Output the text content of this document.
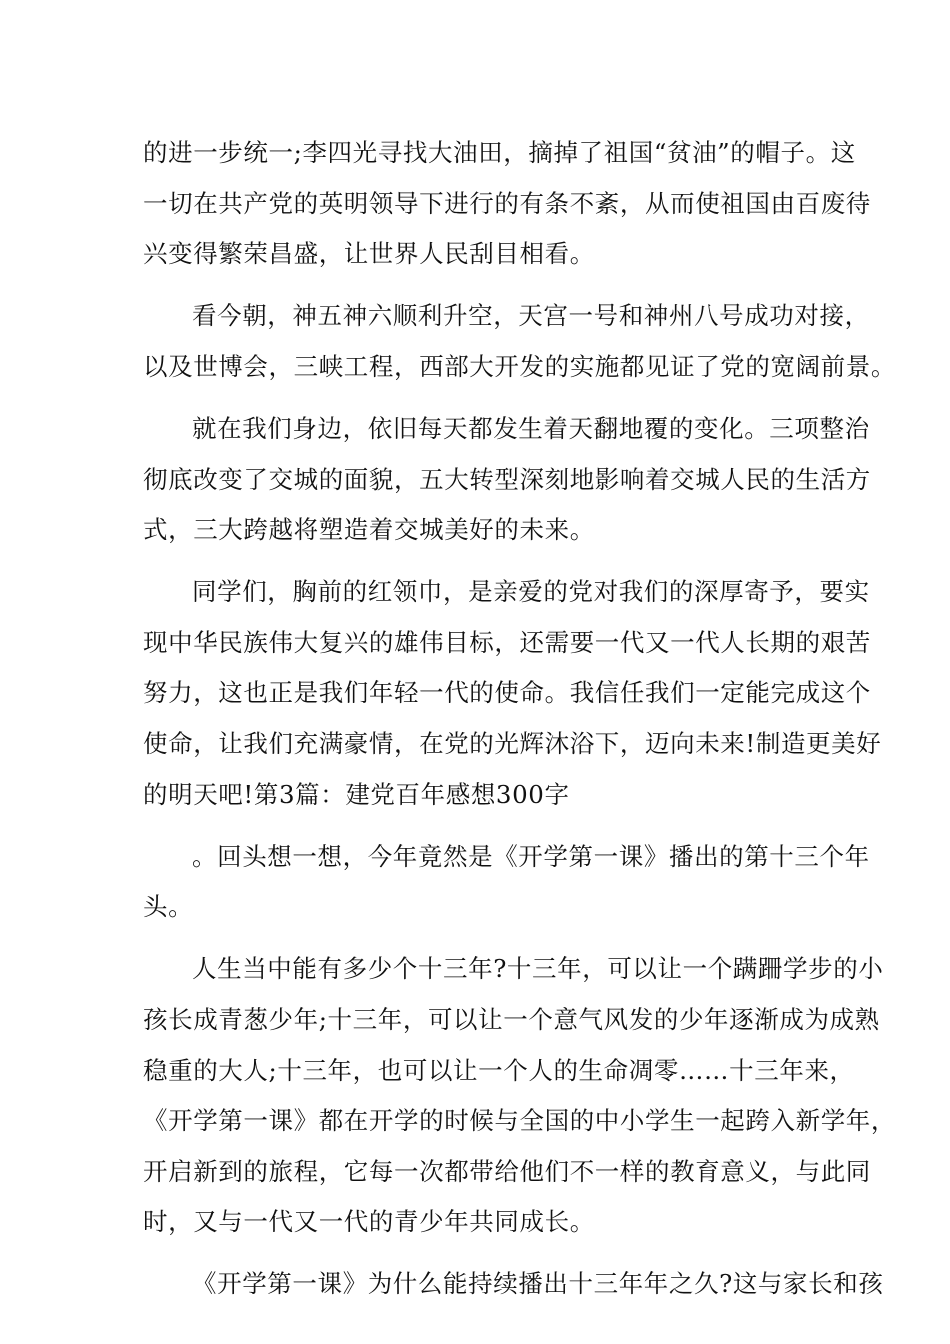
的进一步统一;李四光寻找大油田，摘掉了祖国“贫油”的帽子。这
一切在共产党的英明领导下进行的有条不紊，从而使祖国由百废待
兴变得繁荣昌盛，让世界人民刮目相看。
看今朝，神五神六顺利升空，天宫一号和神州八号成功对接，
以及世博会，三峡工程，西部大开发的实施都见证了党的宽阔前景。
就在我们身边，依旧每天都发生着天翻地覆的变化。三项整治
彻底改变了交城的面貌，五大转型深刻地影响着交城人民的生活方
式，三大跨越将塑造着交城美好的未来。
同学们，胸前的红领巾，是亲爱的党对我们的深厚寄予，要实
现中华民族伟大复兴的雄伟目标，还需要一代又一代人长期的艰苦
努力，这也正是我们年轻一代的使命。我信任我们一定能完成这个
使命，让我们充满豪情，在党的光辉沐浴下，迈向未来!制造更美好
的明天吧!第3篇：建党百年感想300字
。回头想一想，今年竟然是《开学第一课》播出的第十三个年
头。
人生当中能有多少个十三年?十三年，可以让一个蹒跚学步的小
孩长成青葱少年;十三年，可以让一个意气风发的少年逐渐成为成熟
稳重的大人;十三年，也可以让一个人的生命凋零……十三年来，
《开学第一课》都在开学的时候与全国的中小学生一起跨入新学年，
开启新到的旅程，它每一次都带给他们不一样的教育意义，与此同
时，又与一代又一代的青少年共同成长。
《开学第一课》为什么能持续播出十三年年之久?这与家长和孩
